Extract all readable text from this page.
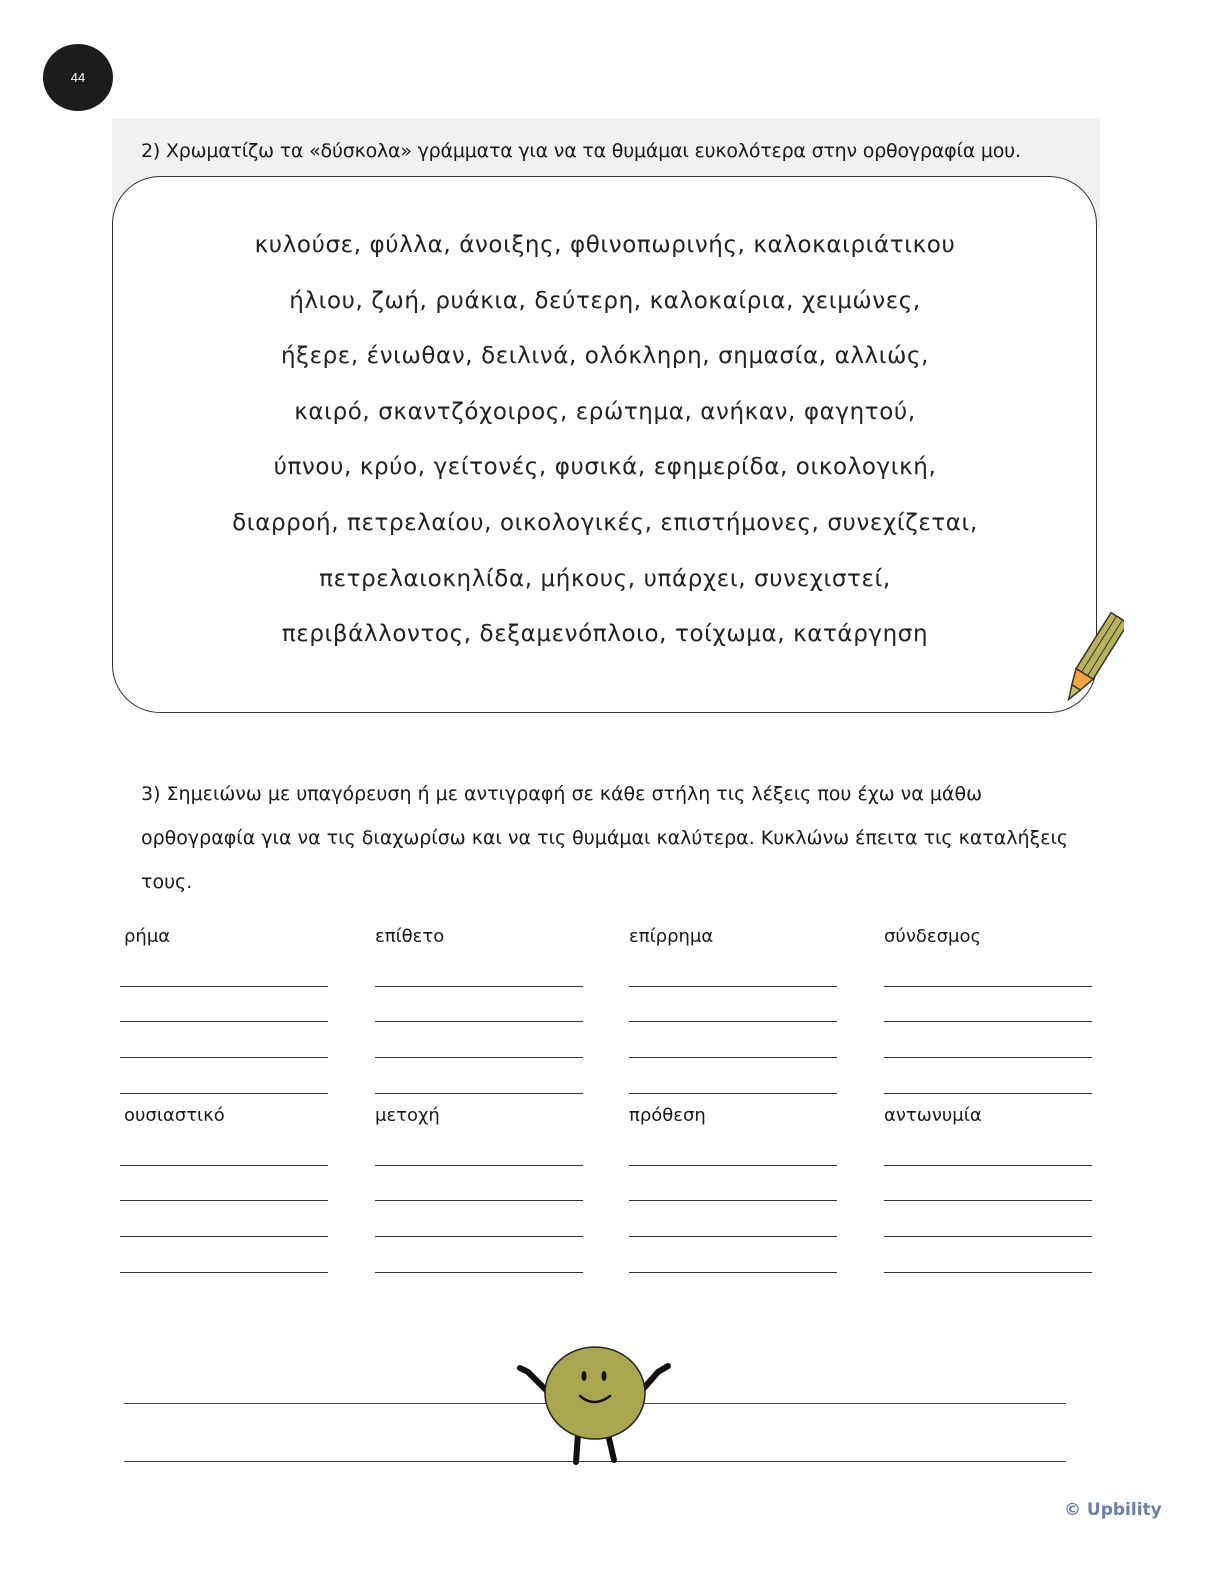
44
2) Χρωματίζω τα «δύσκολα» γράμματα για να τα θυμάμαι ευκολότερα στην ορθογραφία μου.
κυλούσε, φύλλα, άνοιξης, φθινοπωρινής, καλοκαιριάτικου
ήλιου, ζωή, ρυάκια, δεύτερη, καλοκαίρια, χειμώνες,
ήξερε, ένιωθαν, δειλινά, ολόκληρη, σημασία, αλλιώς,
καιρό, σκαντζόχοιρος, ερώτημα, ανήκαν, φαγητού,
ύπνου, κρύο, γείτονές, φυσικά, εφημερίδα, οικολογική,
διαρροή, πετρελαίου, οικολογικές, επιστήμονες, συνεχίζεται,
πετρελαιοκηλίδα, μήκους, υπάρχει, συνεχιστεί,
περιβάλλοντος, δεξαμενόπλοιο, τοίχωμα, κατάργηση
3) Σημειώνω με υπαγόρευση ή με αντιγραφή σε κάθε στήλη τις λέξεις που έχω να μάθω ορθογραφία για να τις διαχωρίσω και να τις θυμάμαι καλύτερα. Κυκλώνω έπειτα τις καταλήξεις τους.
ρήμα	επίθετο	επίρρημα	σύνδεσμος
ουσιαστικό	μετοχή	πρόθεση	αντωνυμία
© Upbility
